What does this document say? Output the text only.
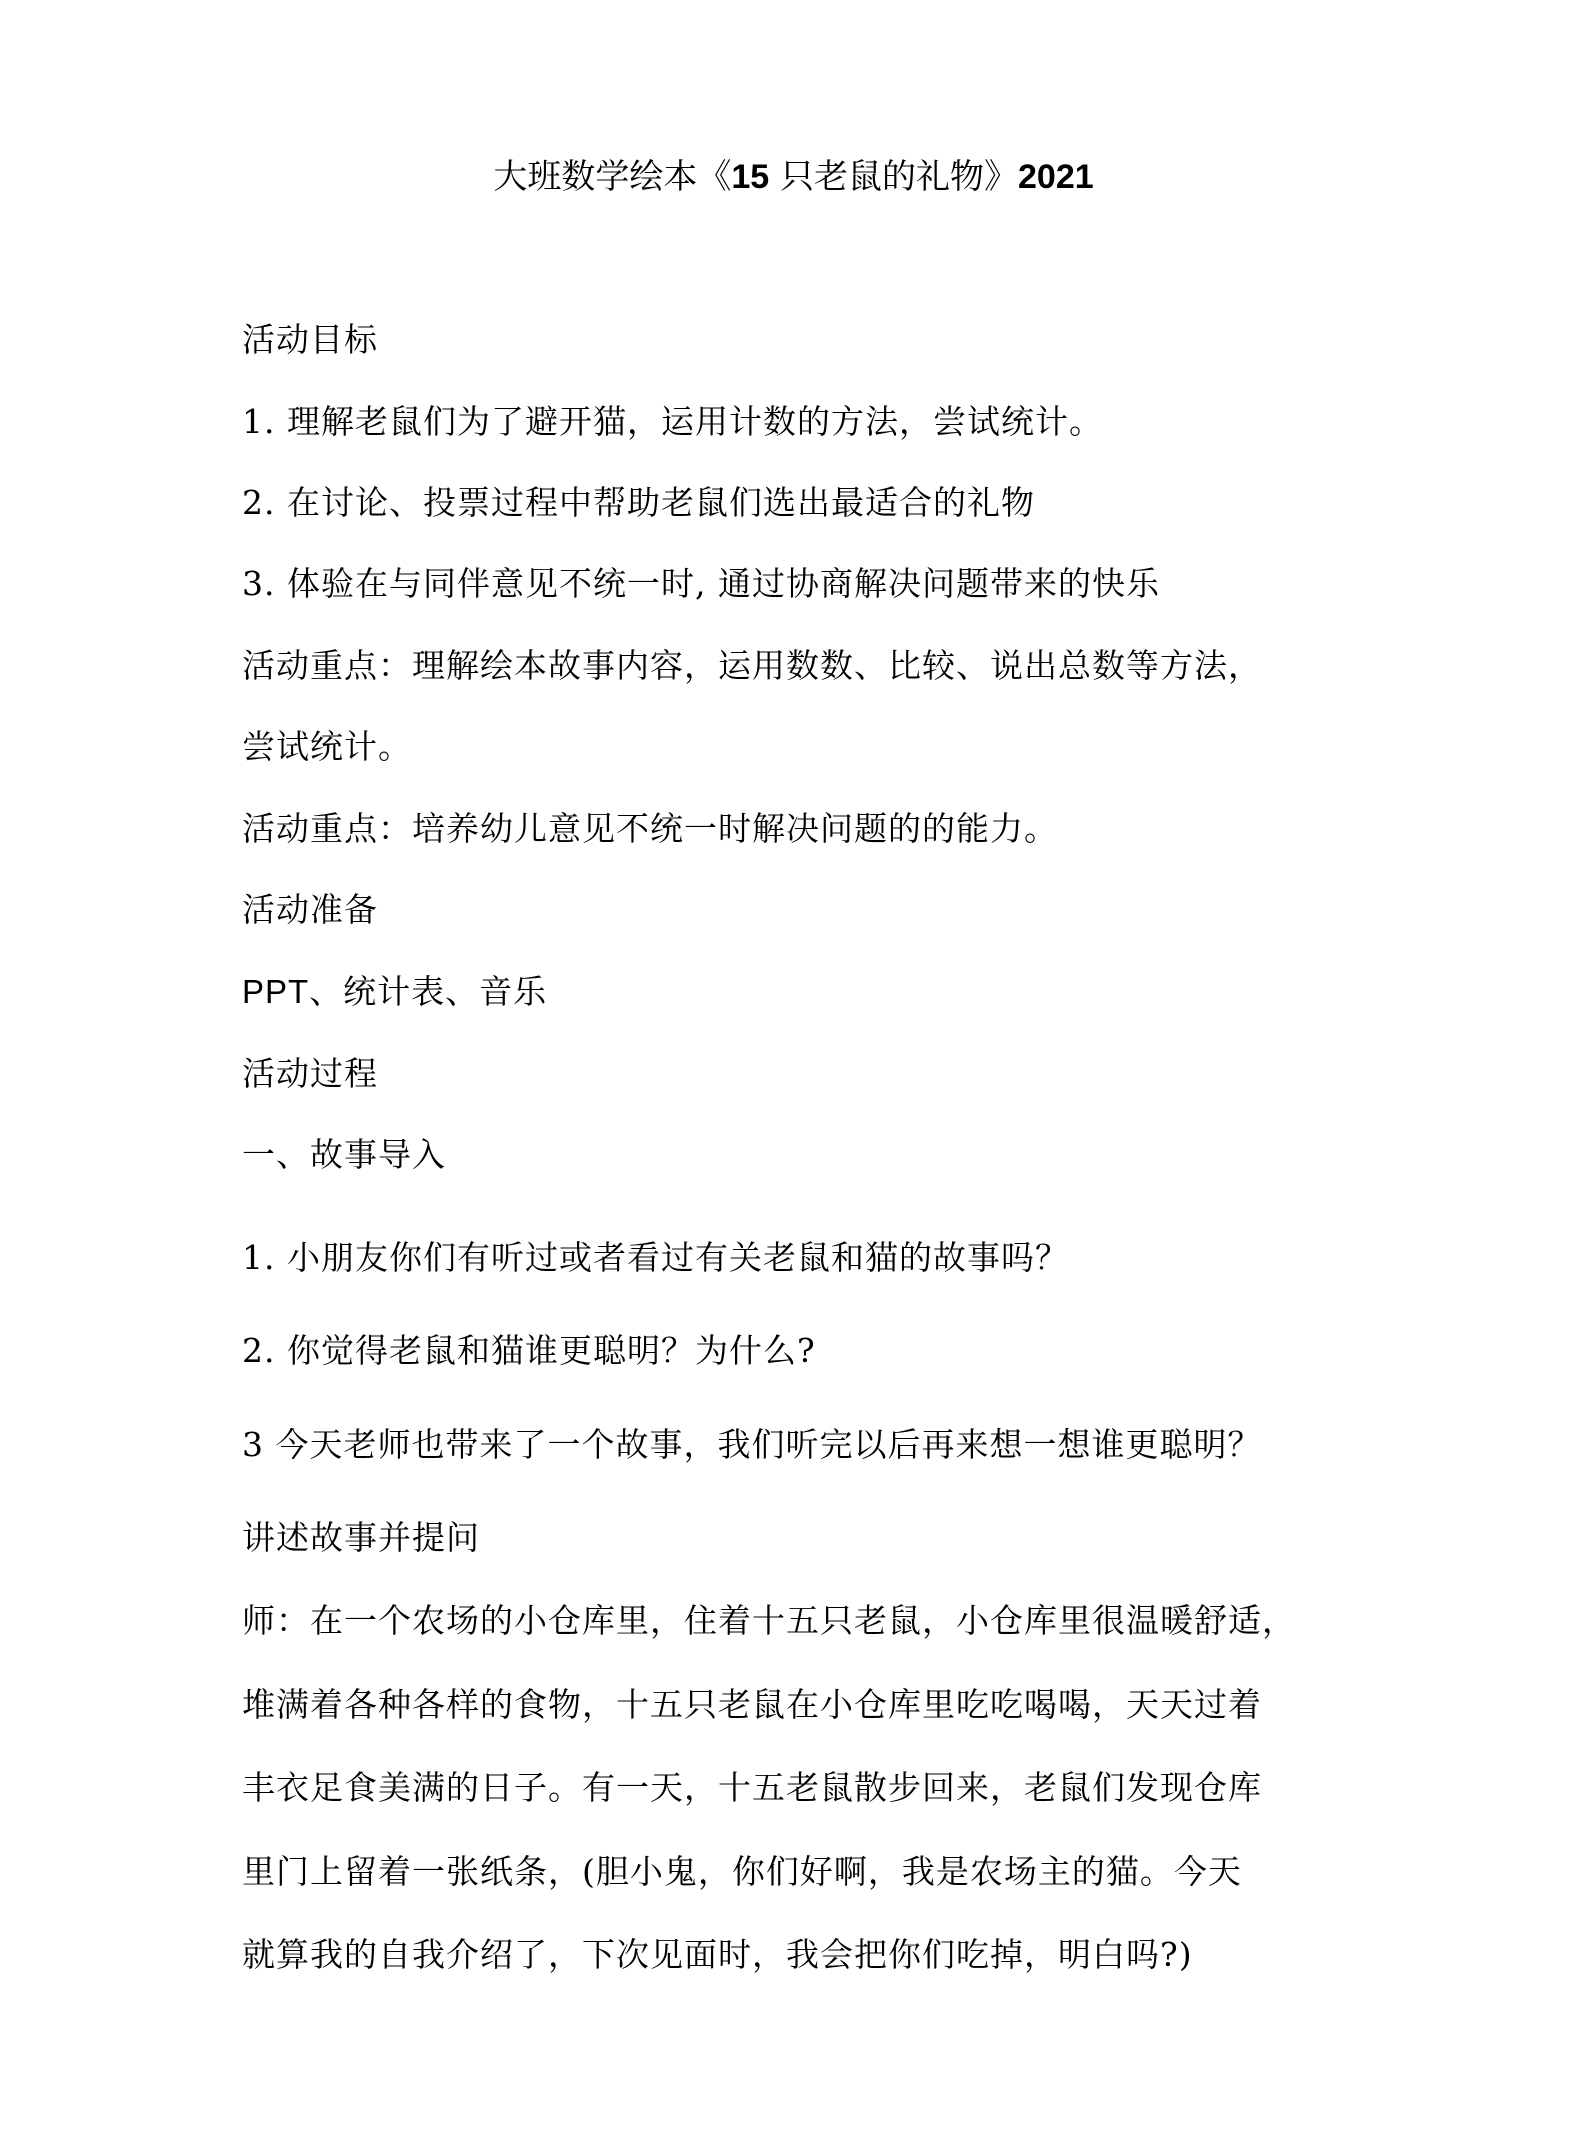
大班数学绘本《15 只老鼠的礼物》2021
活动目标
1. 理解老鼠们为了避开猫，运用计数的方法，尝试统计。
2. 在讨论、投票过程中帮助老鼠们选出最适合的礼物
3. 体验在与同伴意见不统一时, 通过协商解决问题带来的快乐
活动重点：理解绘本故事内容，运用数数、比较、说出总数等方法，
尝试统计。
活动重点：培养幼儿意见不统一时解决问题的的能力。
活动准备
PPT、统计表、音乐
活动过程
一、故事导入
1. 小朋友你们有听过或者看过有关老鼠和猫的故事吗？
2. 你觉得老鼠和猫谁更聪明？为什么?
3 今天老师也带来了一个故事，我们听完以后再来想一想谁更聪明？
讲述故事并提问
师：在一个农场的小仓库里，住着十五只老鼠，小仓库里很温暖舒适，
堆满着各种各样的食物，十五只老鼠在小仓库里吃吃喝喝，天天过着
丰衣足食美满的日子。有一天，十五老鼠散步回来，老鼠们发现仓库
里门上留着一张纸条，(胆小鬼，你们好啊，我是农场主的猫。今天
就算我的自我介绍了，下次见面时，我会把你们吃掉，明白吗?)
